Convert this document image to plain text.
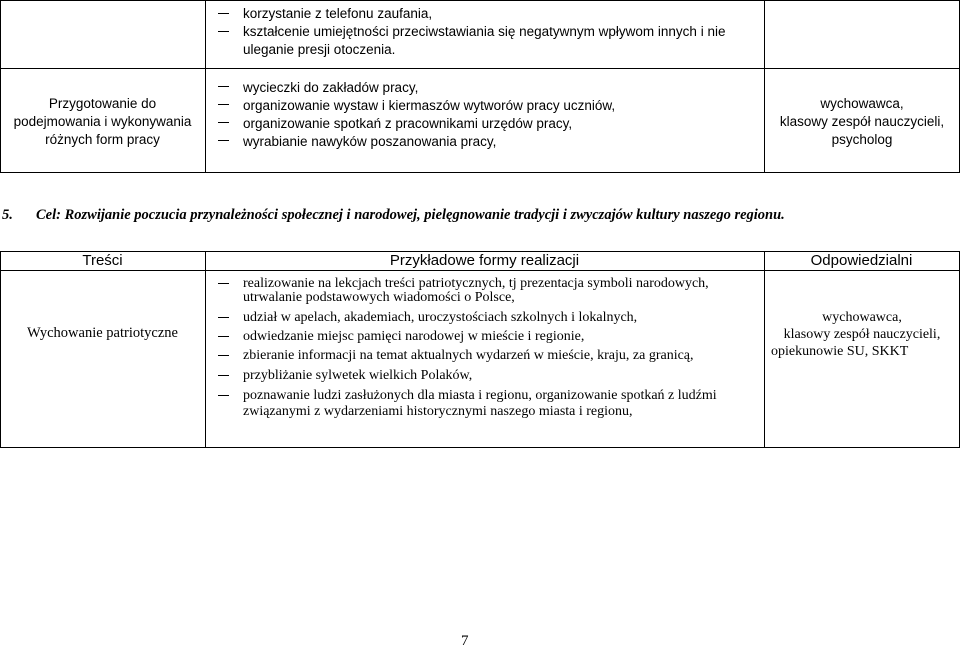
korzystanie z telefonu zaufania,
kształcenie umiejętności przeciwstawiania się negatywnym wpływom innych i nie
uleganie presji otoczenia.
Przygotowanie do
podejmowania i wykonywania
różnych form pracy
wycieczki do zakładów pracy,
organizowanie wystaw i kiermaszów wytworów pracy uczniów,
organizowanie spotkań z pracownikami urzędów pracy,
wyrabianie nawyków poszanowania pracy,
wychowawca,
klasowy zespół nauczycieli,
psycholog
5. Cel: Rozwijanie poczucia przynależności społecznej i narodowej, pielęgnowanie tradycji i zwyczajów kultury naszego regionu.
Treści	Przykładowe formy realizacji	Odpowiedzialni
Wychowanie patriotyczne
realizowanie na lekcjach treści patriotycznych, tj prezentacja symboli narodowych,
utrwalanie podstawowych wiadomości o Polsce,
udział w apelach, akademiach, uroczystościach szkolnych i lokalnych,
odwiedzanie miejsc pamięci narodowej w mieście i regionie,
zbieranie informacji na temat aktualnych wydarzeń w mieście, kraju, za granicą,
przybliżanie sylwetek wielkich Polaków,
poznawanie ludzi zasłużonych dla miasta i regionu, organizowanie spotkań z ludźmi
związanymi z wydarzeniami historycznymi naszego miasta i regionu,
wychowawca,
klasowy zespół nauczycieli,
opiekunowie SU, SKKT
7
